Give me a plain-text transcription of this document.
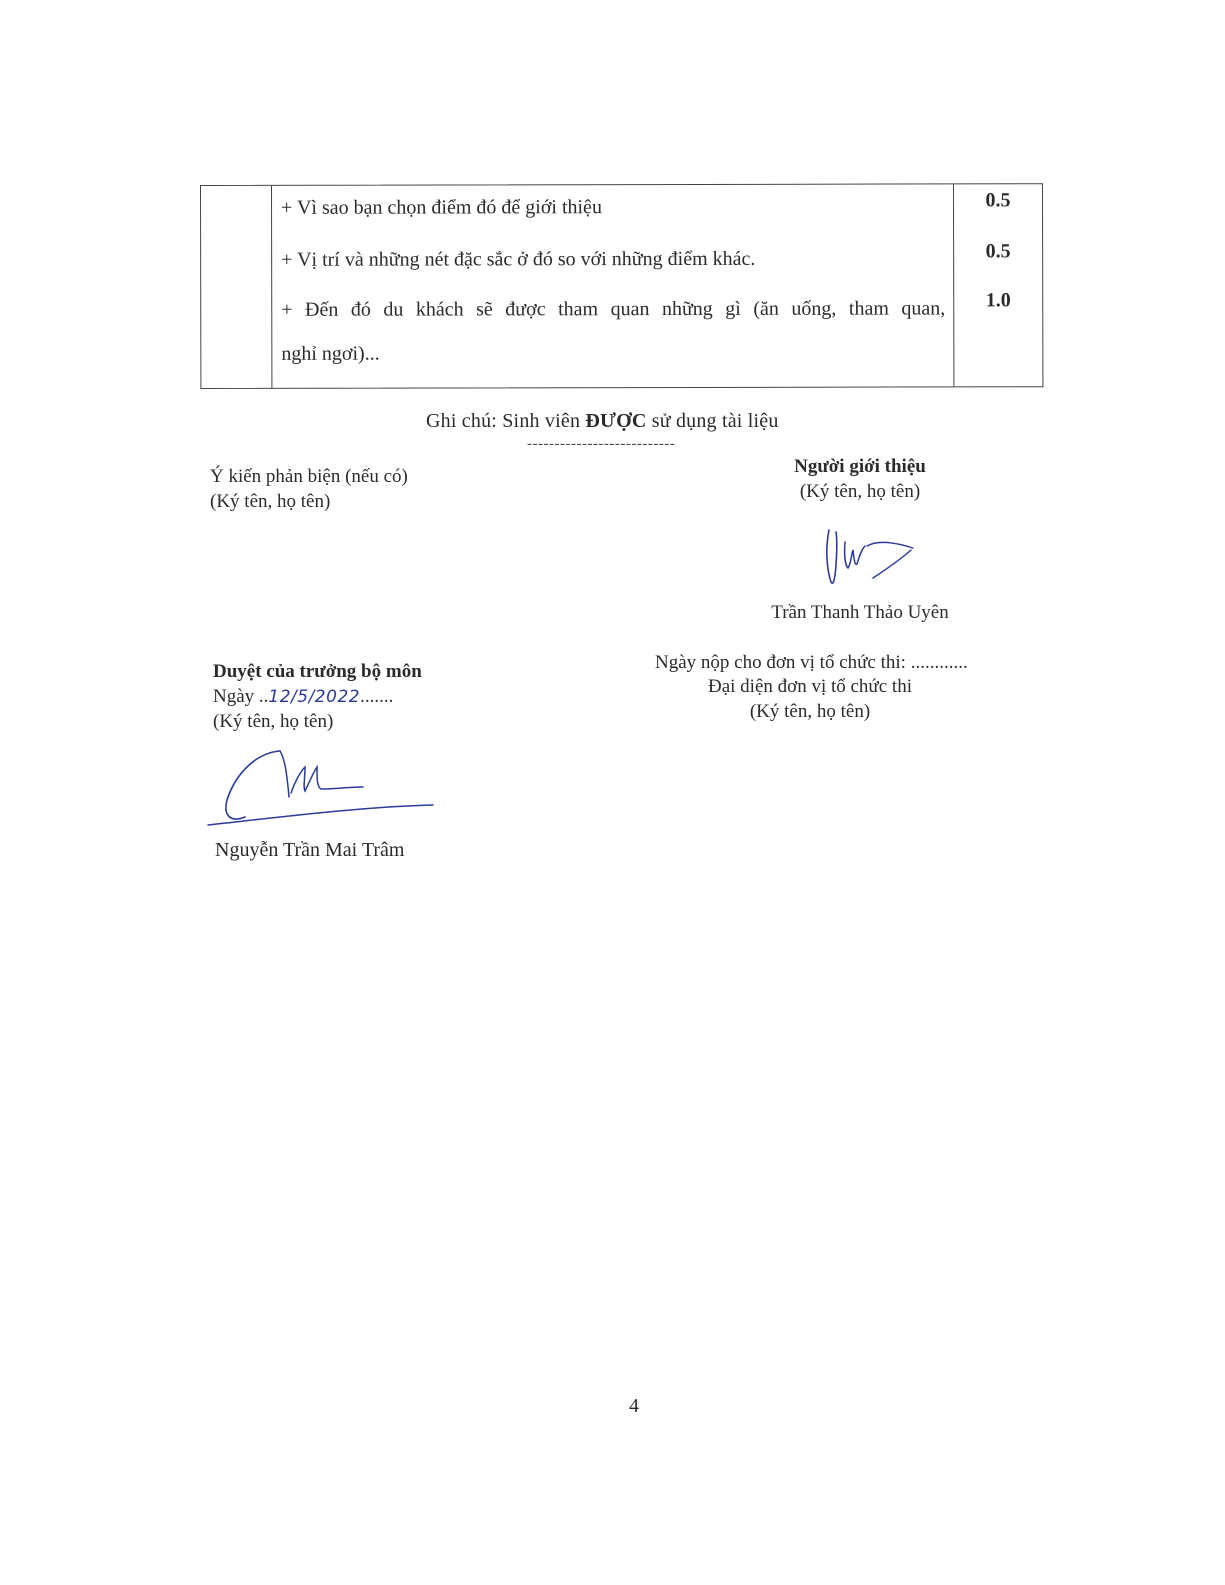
+ Vì sao bạn chọn điểm đó để giới thiệu
+ Vị trí và những nét đặc sắc ở đó so với những điểm khác.
+ Đến đó du khách sẽ được tham quan những gì (ăn uống, tham quan,
nghỉ ngơi)...
0.5
0.5
1.0
Ghi chú: Sinh viên ĐƯỢC sử dụng tài liệu
---------------------------
Ý kiến phản biện (nếu có)
(Ký tên, họ tên)
Người giới thiệu
(Ký tên, họ tên)
Trần Thanh Thảo Uyên
Duyệt của trưởng bộ môn
Ngày ..12/5/2022.......
(Ký tên, họ tên)
Nguyễn Trần Mai Trâm
Ngày nộp cho đơn vị tổ chức thi: ............
Đại diện đơn vị tổ chức thi
(Ký tên, họ tên)
4
